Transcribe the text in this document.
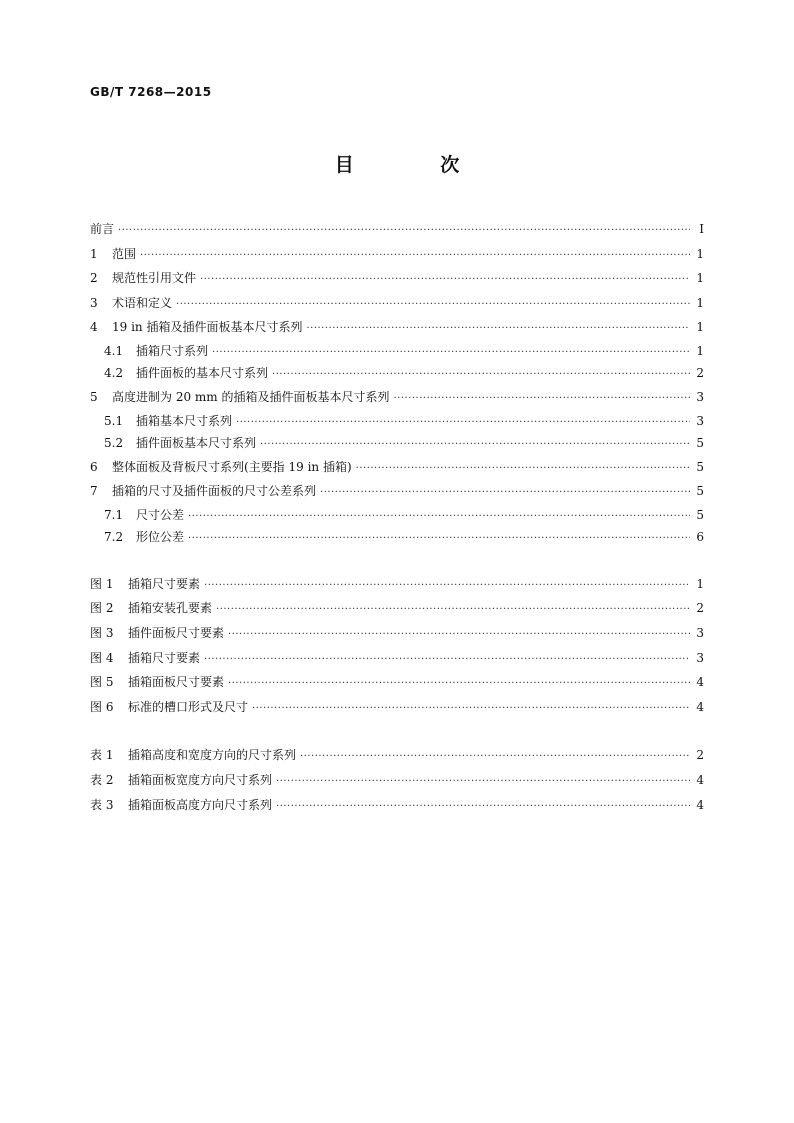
GB/T 7268—2015
目 次
前言 ·····	Ⅰ
1	范围 ·····	1
2	规范性引用文件 ·····	1
3	术语和定义 ·····	1
4	19 in 插箱及插件面板基本尺寸系列 ·····	1
4.1	插箱尺寸系列 ·····	1
4.2	插件面板的基本尺寸系列 ·····	2
5	高度进制为 20 mm 的插箱及插件面板基本尺寸系列 ·····	3
5.1	插箱基本尺寸系列 ·····	3
5.2	插件面板基本尺寸系列 ·····	5
6	整体面板及背板尺寸系列(主要指 19 in 插箱) ·····	5
7	插箱的尺寸及插件面板的尺寸公差系列 ·····	5
7.1	尺寸公差 ·····	5
7.2	形位公差 ·····	6
图 1	插箱尺寸要素 ·····	1
图 2	插箱安装孔要素 ·····	2
图 3	插件面板尺寸要素 ·····	3
图 4	插箱尺寸要素 ·····	3
图 5	插箱面板尺寸要素 ·····	4
图 6	标准的槽口形式及尺寸 ·····	4
表 1	插箱高度和宽度方向的尺寸系列 ·····	2
表 2	插箱面板宽度方向尺寸系列 ·····	4
表 3	插箱面板高度方向尺寸系列 ·····	4
